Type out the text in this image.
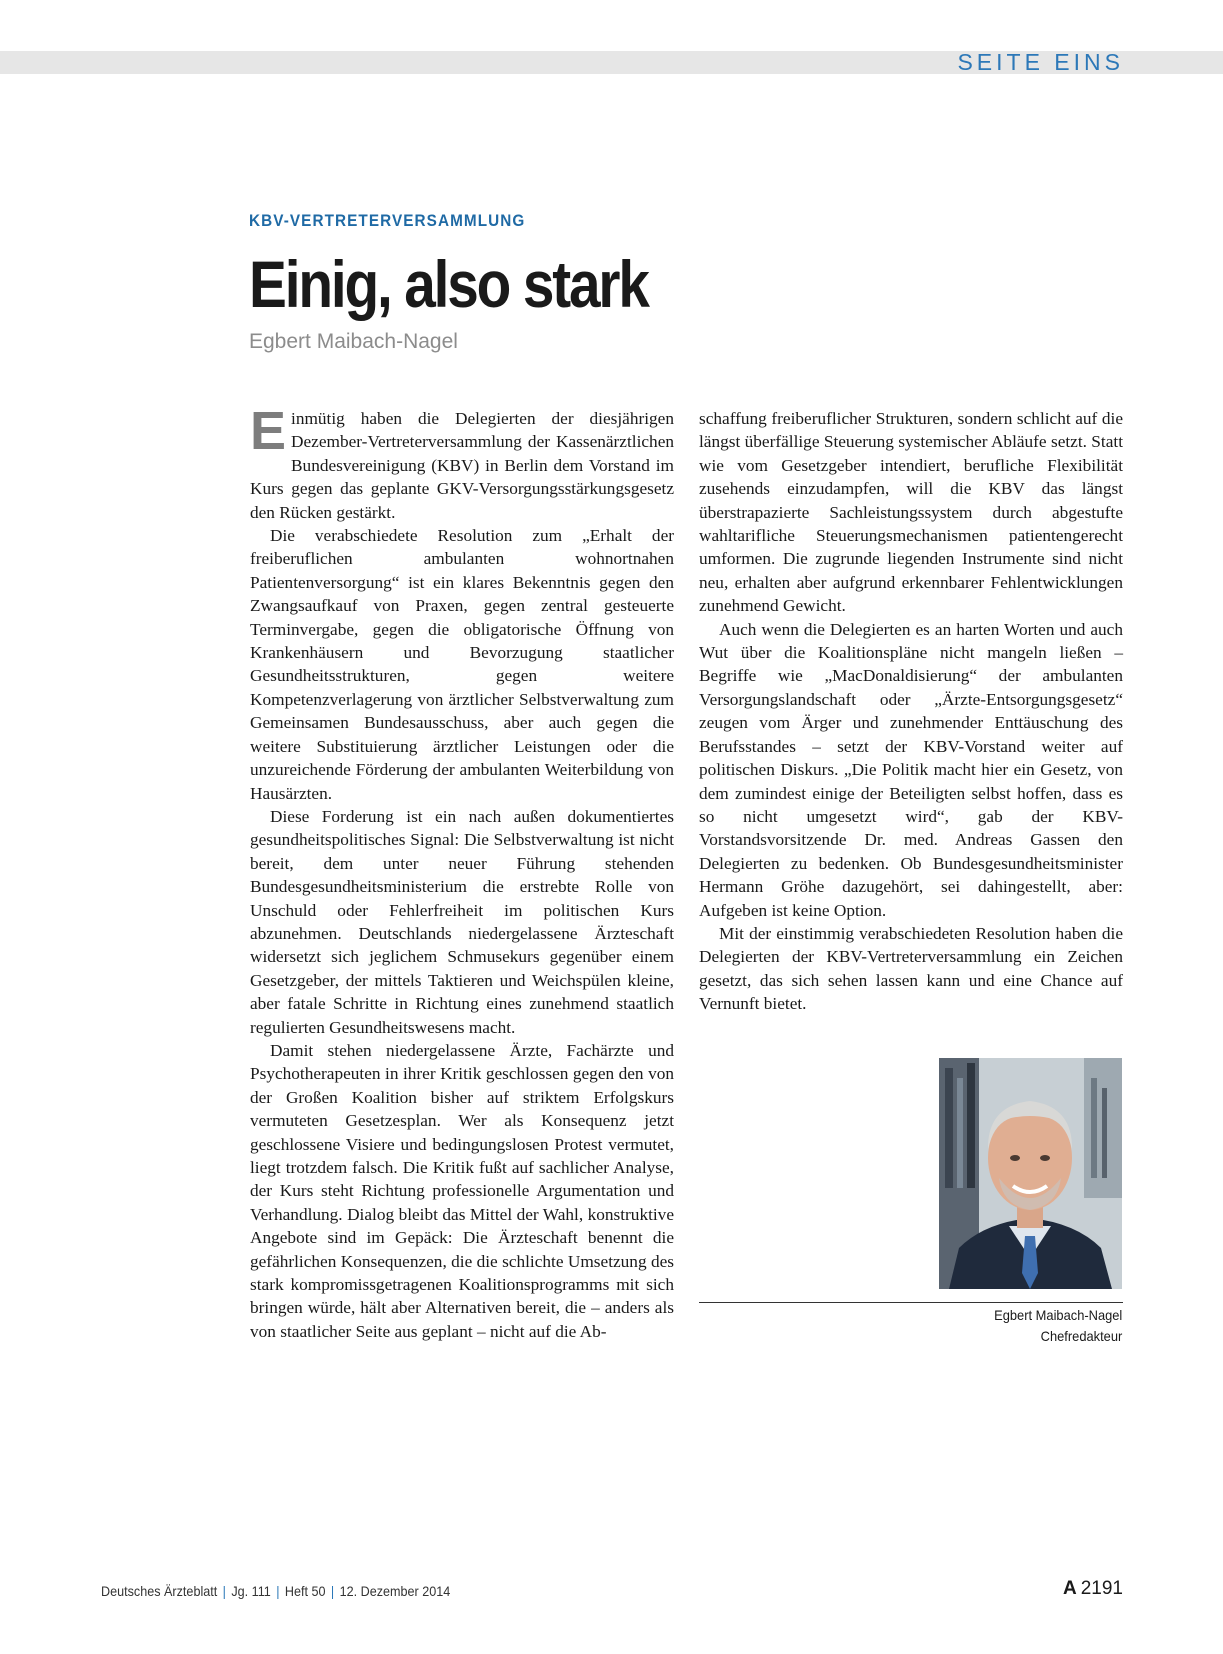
SEITE EINS
KBV-VERTRETERVERSAMMLUNG
Einig, also stark
Egbert Maibach-Nagel

Einmütig haben die Delegierten der diesjährigen Dezember-Vertreterversammlung der Kassenärztlichen Bundesvereinigung (KBV) in Berlin dem Vorstand im Kurs gegen das geplante GKV-Versorgungsstärkungsgesetz den Rücken gestärkt.

Die verabschiedete Resolution zum „Erhalt der freiberuflichen ambulanten wohnortnahen Patientenversorgung“ ist ein klares Bekenntnis gegen den Zwangsaufkauf von Praxen, gegen zentral gesteuerte Terminvergabe, gegen die obligatorische Öffnung von Krankenhäusern und Bevorzugung staatlicher Gesundheitsstrukturen, gegen weitere Kompetenzverlagerung von ärztlicher Selbstverwaltung zum Gemeinsamen Bundesausschuss, aber auch gegen die weitere Substituierung ärztlicher Leistungen oder die unzureichende Förderung der ambulanten Weiterbildung von Hausärzten.

Diese Forderung ist ein nach außen dokumentiertes gesundheitspolitisches Signal: Die Selbstverwaltung ist nicht bereit, dem unter neuer Führung stehenden Bundesgesundheitsministerium die erstrebte Rolle von Unschuld oder Fehlerfreiheit im politischen Kurs abzunehmen. Deutschlands niedergelassene Ärzteschaft widersetzt sich jeglichem Schmusekurs gegenüber einem Gesetzgeber, der mittels Taktieren und Weichspülen kleine, aber fatale Schritte in Richtung eines zunehmend staatlich regulierten Gesundheitswesens macht.

Damit stehen niedergelassene Ärzte, Fachärzte und Psychotherapeuten in ihrer Kritik geschlossen gegen den von der Großen Koalition bisher auf striktem Erfolgskurs vermuteten Gesetzesplan. Wer als Konsequenz jetzt geschlossene Visiere und bedingungslosen Protest vermutet, liegt trotzdem falsch. Die Kritik fußt auf sachlicher Analyse, der Kurs steht Richtung professionelle Argumentation und Verhandlung. Dialog bleibt das Mittel der Wahl, konstruktive Angebote sind im Gepäck: Die Ärzteschaft benennt die gefährlichen Konsequenzen, die die schlichte Umsetzung des stark kompromissgetragenen Koalitionsprogramms mit sich bringen würde, hält aber Alternativen bereit, die – anders als von staatlicher Seite aus geplant – nicht auf die Ab-

schaffung freiberuflicher Strukturen, sondern schlicht auf die längst überfällige Steuerung systemischer Abläufe setzt. Statt wie vom Gesetzgeber intendiert, berufliche Flexibilität zusehends einzudampfen, will die KBV das längst überstrapazierte Sachleistungssystem durch abgestufte wahltarifliche Steuerungsmechanismen patientengerecht umformen. Die zugrunde liegenden Instrumente sind nicht neu, erhalten aber aufgrund erkennbarer Fehlentwicklungen zunehmend Gewicht.

Auch wenn die Delegierten es an harten Worten und auch Wut über die Koalitionspläne nicht mangeln ließen – Begriffe wie „MacDonaldisierung“ der ambulanten Versorgungslandschaft oder „Ärzte-Entsorgungsgesetz“ zeugen vom Ärger und zunehmender Enttäuschung des Berufsstandes – setzt der KBV-Vorstand weiter auf politischen Diskurs. „Die Politik macht hier ein Gesetz, von dem zumindest einige der Beteiligten selbst hoffen, dass es so nicht umgesetzt wird“, gab der KBV-Vorstandsvorsitzende Dr. med. Andreas Gassen den Delegierten zu bedenken. Ob Bundesgesundheitsminister Hermann Gröhe dazugehört, sei dahingestellt, aber: Aufgeben ist keine Option.

Mit der einstimmig verabschiedeten Resolution haben die Delegierten der KBV-Vertreterversammlung ein Zeichen gesetzt, das sich sehen lassen kann und eine Chance auf Vernunft bietet.

Egbert Maibach-Nagel
Chefredakteur
Deutsches Ärzteblatt | Jg. 111 | Heft 50 | 12. Dezember 2014	A 2191
